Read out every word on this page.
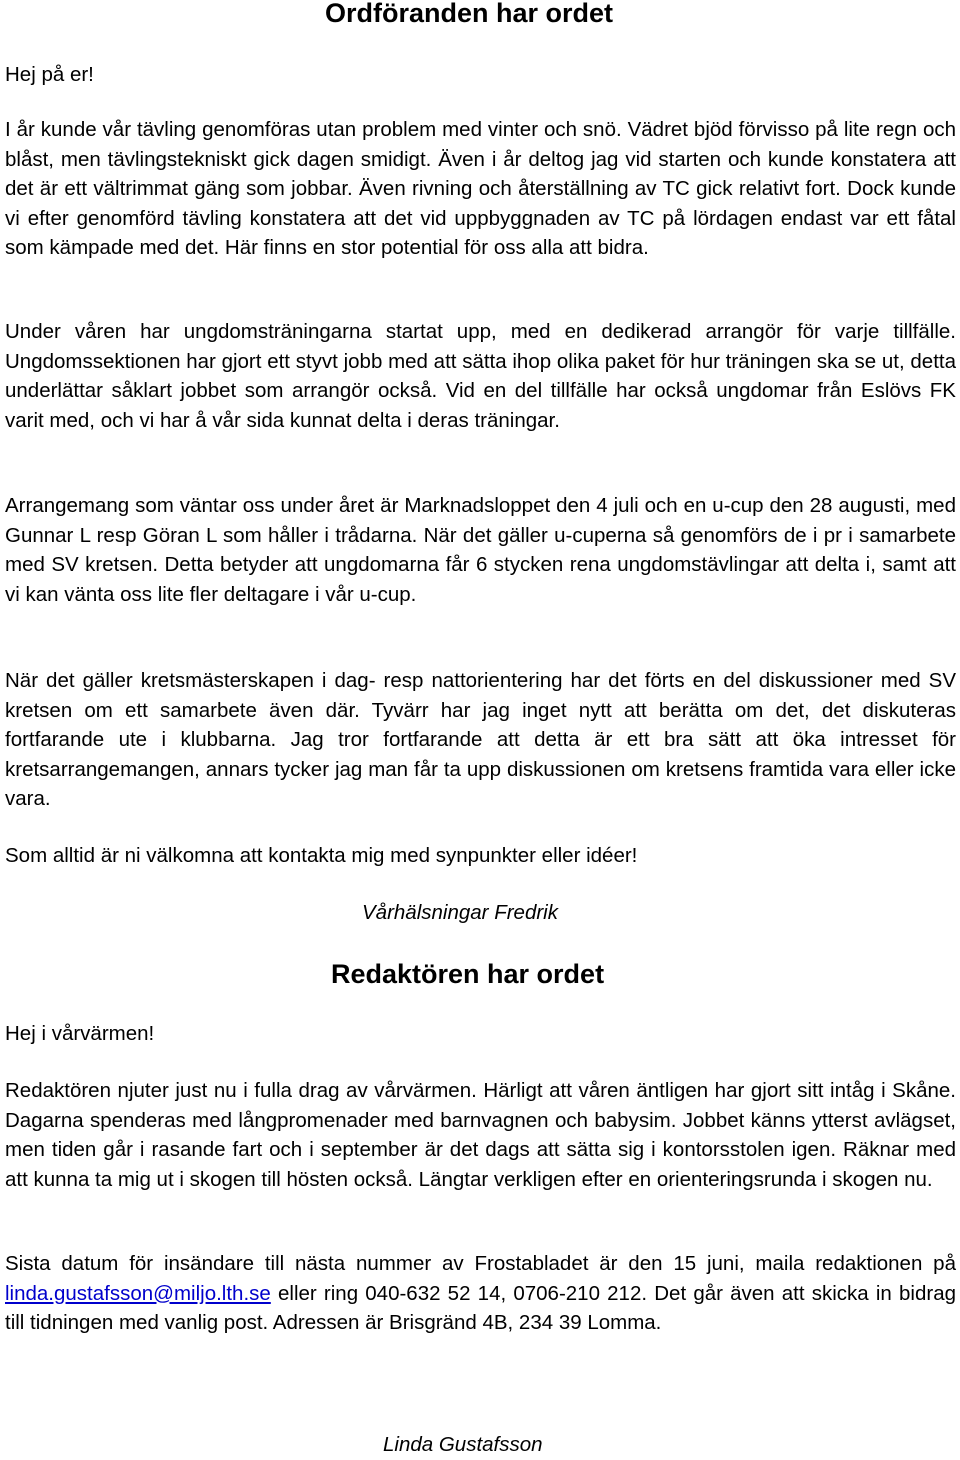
Ordföranden har ordet

Hej på er!

I år kunde vår tävling genomföras utan problem med vinter och snö. Vädret bjöd förvisso på lite regn och blåst, men tävlingstekniskt gick dagen smidigt. Även i år deltog jag vid starten och kunde konstatera att det är ett vältrimmat gäng som jobbar. Även rivning och återställning av TC gick relativt fort. Dock kunde vi efter genomförd tävling konstatera att det vid uppbyggnaden av TC på lördagen endast var ett fåtal som kämpade med det. Här finns en stor potential för oss alla att bidra.

Under våren har ungdomsträningarna startat upp, med en dedikerad arrangör för varje tillfälle. Ungdomssektionen har gjort ett styvt jobb med att sätta ihop olika paket för hur träningen ska se ut, detta underlättar såklart jobbet som arrangör också. Vid en del tillfälle har också ungdomar från Eslövs FK varit med, och vi har å vår sida kunnat delta i deras träningar.

Arrangemang som väntar oss under året är Marknadsloppet den 4 juli och en u-cup den 28 augusti, med Gunnar L resp Göran L som håller i trådarna. När det gäller u-cuperna så genomförs de i pr i samarbete med SV kretsen. Detta betyder att ungdomarna får 6 stycken rena ungdomstävlingar att delta i, samt att vi kan vänta oss lite fler deltagare i vår u-cup.

När det gäller kretsmästerskapen i dag- resp nattorientering har det förts en del diskussioner med SV kretsen om ett samarbete även där. Tyvärr har jag inget nytt att berätta om det, det diskuteras fortfarande ute i klubbarna. Jag tror fortfarande att detta är ett bra sätt att öka intresset för kretsarrangemangen, annars tycker jag man får ta upp diskussionen om kretsens framtida vara eller icke vara.

Som alltid är ni välkomna att kontakta mig med synpunkter eller idéer!

Vårhälsningar Fredrik

Redaktören har ordet

Hej i vårvärmen!

Redaktören njuter just nu i fulla drag av vårvärmen. Härligt att våren äntligen har gjort sitt intåg i Skåne. Dagarna spenderas med långpromenader med barnvagnen och babysim. Jobbet känns ytterst avlägset, men tiden går i rasande fart och i september är det dags att sätta sig i kontorsstolen igen. Räknar med att kunna ta mig ut i skogen till hösten också. Längtar verkligen efter en orienteringsrunda i skogen nu.

Sista datum för insändare till nästa nummer av Frostabladet är den 15 juni, maila redaktionen på linda.gustafsson@miljo.lth.se eller ring 040-632 52 14, 0706-210 212. Det går även att skicka in bidrag till tidningen med vanlig post. Adressen är Brisgränd 4B, 234 39 Lomma.

Linda Gustafsson
